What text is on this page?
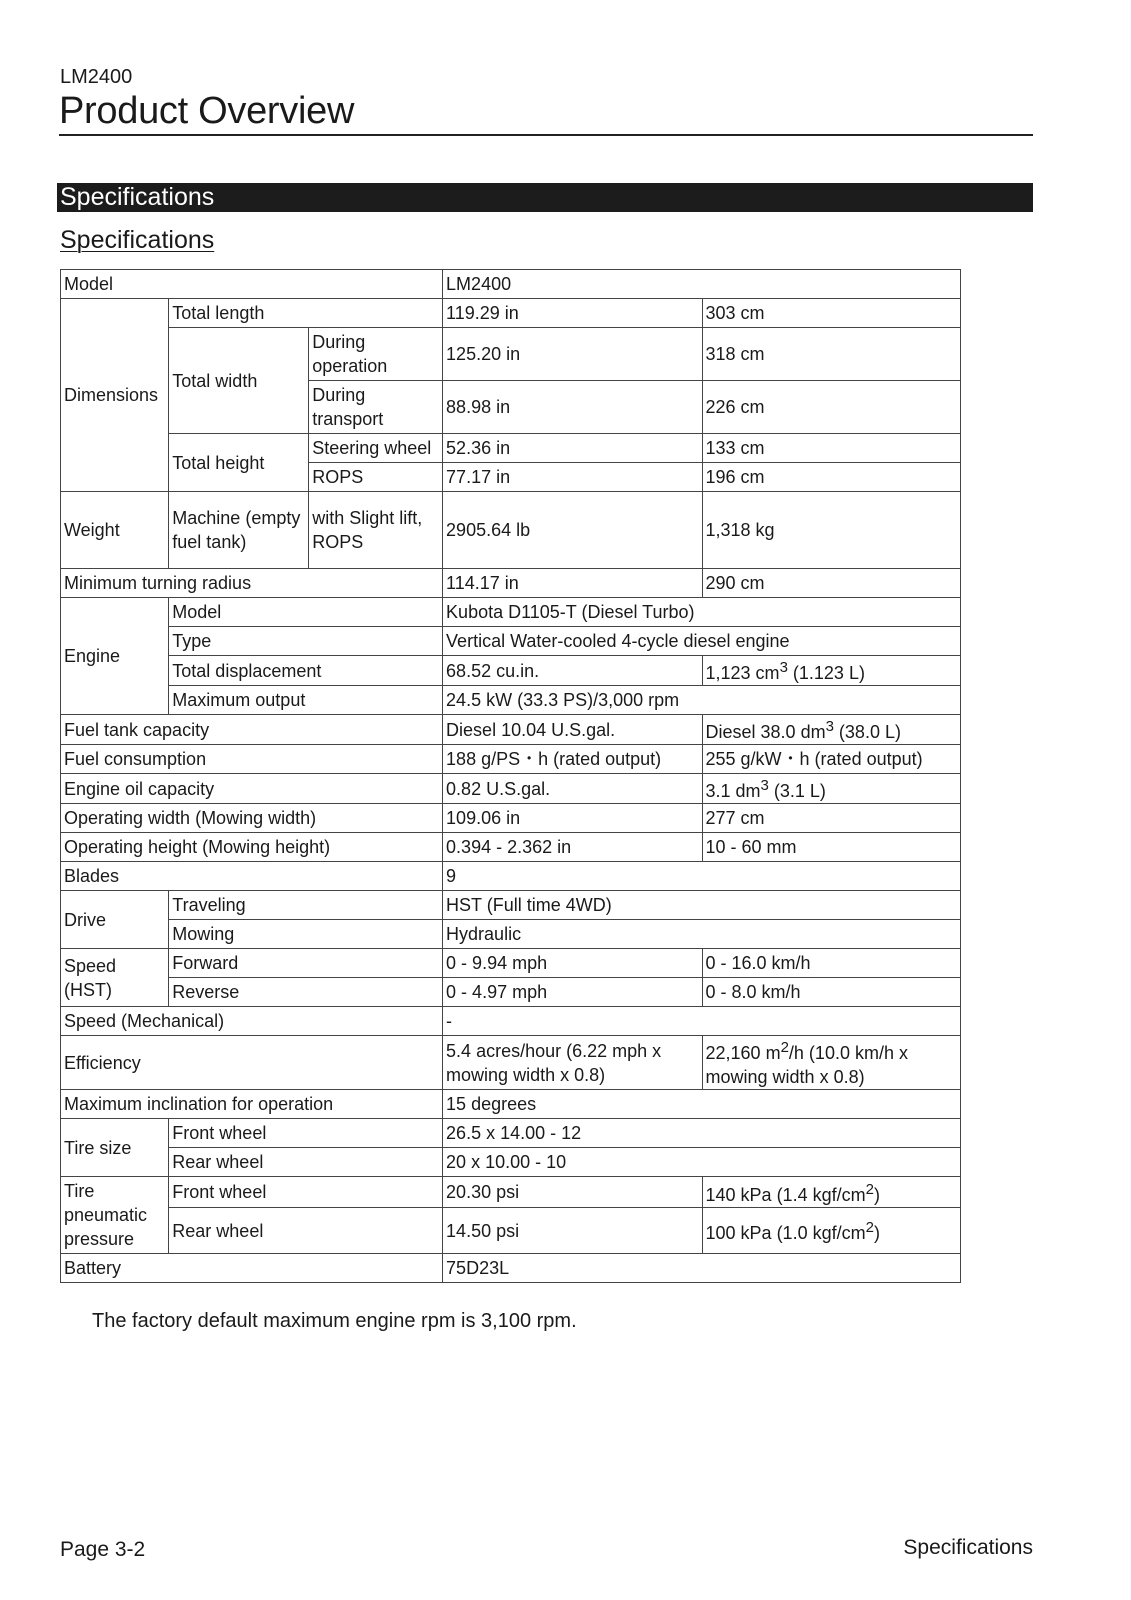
LM2400
Product Overview
Specifications
Specifications
Model			LM2400	
Dimensions	Total length		119.29 in	303 cm
	Total width	During operation	125.20 in	318 cm
		During transport	88.98 in	226 cm
	Total height	Steering wheel	52.36 in	133 cm
		ROPS	77.17 in	196 cm

Weight	Machine (empty fuel tank)	with Slight lift, ROPS	2905.64 lb	1,318 kg
Minimum turning radius			114.17 in	290 cm
Engine	Model		Kubota D1105-T (Diesel Turbo)	
	Type		Vertical Water-cooled 4-cycle diesel engine	
	Total displacement		68.52 cu.in.	1,123 $cm^3$ (1.123 L)
	Maximum output		24.5 kW (33.3 PS)/3,000 rpm	
Fuel tank capacity			Diesel 10.04 U.S.gal.	Diesel 38.0 $dm^3$ (38.0 L)
Fuel consumption			188 g/PS・h (rated output)	255 g/kW・h (rated output)
Engine oil capacity			0.82 U.S.gal.	3.1 $dm^3$ (3.1 L)
Operating width (Mowing width)			109.06 in	277 cm
Operating height (Mowing height)			0.394 - 2.362 in	10 - 60 mm
Blades			9	
Drive	Traveling		HST (Full time 4WD)	
	Mowing		Hydraulic	
Speed (HST)	Forward		0 - 9.94 mph	0 - 16.0 km/h
	Reverse		0 - 4.97 mph	0 - 8.0 km/h
Speed (Mechanical)			-	
Efficiency			5.4 acres/hour (6.22 mph x mowing width x 0.8)	22,160 $m^2/h$ (10.0 km/h x mowing width x 0.8)
Maximum inclination for operation			15 degrees	
Tire size	Front wheel		26.5 x 14.00 - 12	
	Rear wheel		20 x 10.00 - 10	
Tire pneumatic pressure	Front wheel		20.30 psi	140 kPa (1.4 kgf/$cm^2$)
	Rear wheel		14.50 psi	100 kPa (1.0 kgf/$cm^2$)
Battery			75D23L	
The factory default maximum engine rpm is 3,100 rpm.
Page 3-2	Specifications
